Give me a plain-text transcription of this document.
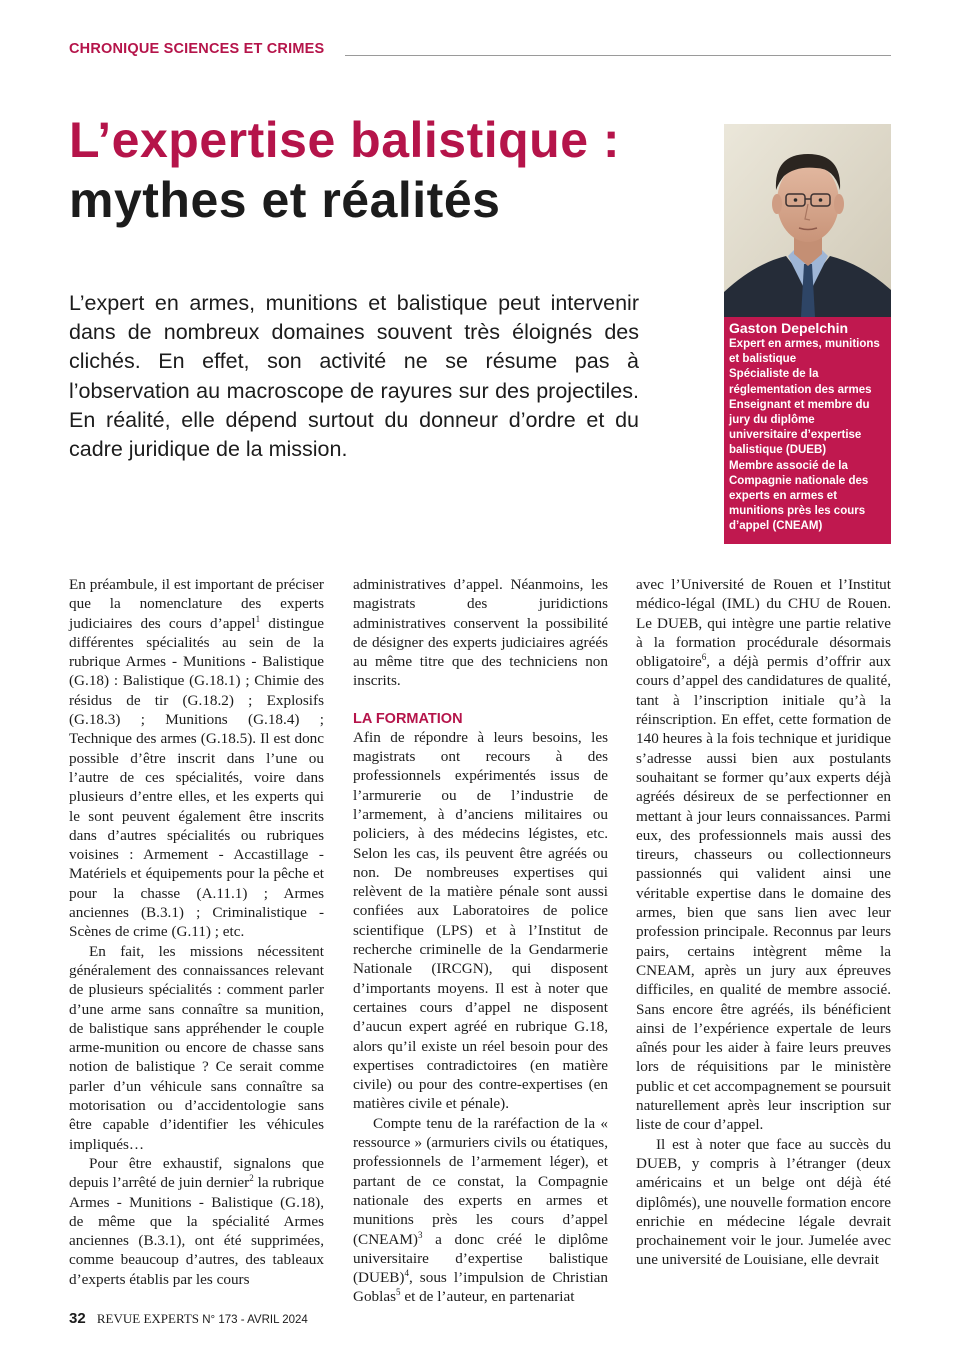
CHRONIQUE SCIENCES ET CRIMES
L’expertise balistique :
mythes et réalités

L’expert en armes, munitions et balistique peut intervenir dans de nombreux domaines souvent très éloignés des clichés. En effet, son activité ne se résume pas à l’observation au macroscope de rayures sur des projectiles. En réalité, elle dépend surtout du donneur d’ordre et du cadre juridique de la mission.

Gaston Depelchin

Expert en armes, munitions et balistique
Spécialiste de la réglementation des armes
Enseignant et membre du jury du diplôme universitaire d’expertise balistique (DUEB)
Membre associé de la Compagnie nationale des experts en armes et munitions près les cours d’appel (CNEAM)

En préambule, il est important de préciser que la nomenclature des experts judiciaires des cours d’appel$^1$ distingue différentes spécialités au sein de la rubrique Armes - Munitions - Balistique (G.18) : Balistique (G.18.1) ; Chimie des résidus de tir (G.18.2) ; Explosifs (G.18.3) ; Munitions (G.18.4) ; Technique des armes (G.18.5). Il est donc possible d’être inscrit dans l’une ou l’autre de ces spécialités, voire dans plusieurs d’entre elles, et les experts qui le sont peuvent également être inscrits dans d’autres spécialités ou rubriques voisines : Armement - Accastillage - Matériels et équipements pour la pêche et pour la chasse (A.11.1) ; Armes anciennes (B.3.1) ; Criminalistique - Scènes de crime (G.11) ; etc.

En fait, les missions nécessitent généralement des connaissances relevant de plusieurs spécialités : comment parler d’une arme sans connaître sa munition, de balistique sans appréhender le couple arme-munition ou encore de chasse sans notion de balistique ? Ce serait comme parler d’un véhicule sans connaître sa motorisation ou d’accidentologie sans être capable d’identifier les véhicules impliqués…

Pour être exhaustif, signalons que depuis l’arrêté de juin dernier$^2$ la rubrique Armes - Munitions - Balistique (G.18), de même que la spécialité Armes anciennes (B.3.1), ont été supprimées, comme beaucoup d’autres, des tableaux d’experts établis par les cours

administratives d’appel. Néanmoins, les magistrats des juridictions administratives conservent la possibilité de désigner des experts judiciaires agréés au même titre que des techniciens non inscrits.

LA FORMATION

Afin de répondre à leurs besoins, les magistrats ont recours à des professionnels expérimentés issus de l’armurerie ou de l’industrie de l’armement, à d’anciens militaires ou policiers, à des médecins légistes, etc. Selon les cas, ils peuvent être agréés ou non. De nombreuses expertises qui relèvent de la matière pénale sont aussi confiées aux Laboratoires de police scientifique (LPS) et à l’Institut de recherche criminelle de la Gendarmerie Nationale (IRCGN), qui disposent d’importants moyens. Il est à noter que certaines cours d’appel ne disposent d’aucun expert agréé en rubrique G.18, alors qu’il existe un réel besoin pour des expertises contradictoires (en matière civile) ou pour des contre-expertises (en matières civile et pénale).

Compte tenu de la raréfaction de la « ressource » (armuriers civils ou étatiques, professionnels de l’armement léger), et partant de ce constat, la Compagnie nationale des experts en armes et munitions près les cours d’appel (CNEAM)$^3$ a donc créé le diplôme universitaire d’expertise balistique (DUEB)$^4$, sous l’impulsion de Christian Goblas$^5$ et de l’auteur, en partenariat

avec l’Université de Rouen et l’Institut médico-légal (IML) du CHU de Rouen. Le DUEB, qui intègre une partie relative à la formation procédurale désormais obligatoire$^6$, a déjà permis d’offrir aux cours d’appel des candidatures de qualité, tant à l’inscription initiale qu’à la réinscription. En effet, cette formation de 140 heures à la fois technique et juridique s’adresse aussi bien aux postulants souhaitant se former qu’aux experts déjà agréés désireux de se perfectionner en mettant à jour leurs connaissances. Parmi eux, des professionnels mais aussi des tireurs, chasseurs ou collectionneurs passionnés qui valident ainsi une véritable expertise dans le domaine des armes, bien que sans lien avec leur profession principale. Reconnus par leurs pairs, certains intègrent même la CNEAM, après un jury aux épreuves difficiles, en qualité de membre associé. Sans encore être agréés, ils bénéficient ainsi de l’expérience expertale de leurs aînés pour les aider à faire leurs preuves lors de réquisitions par le ministère public et cet accompagnement se poursuit naturellement après leur inscription sur liste de cour d’appel.

Il est à noter que face au succès du DUEB, y compris à l’étranger (deux américains et un belge ont déjà été diplômés), une nouvelle formation encore enrichie en médecine légale devrait prochainement voir le jour. Jumelée avec une université de Louisiane, elle devrait

32 REVUE EXPERTS N° 173 - AVRIL 2024
